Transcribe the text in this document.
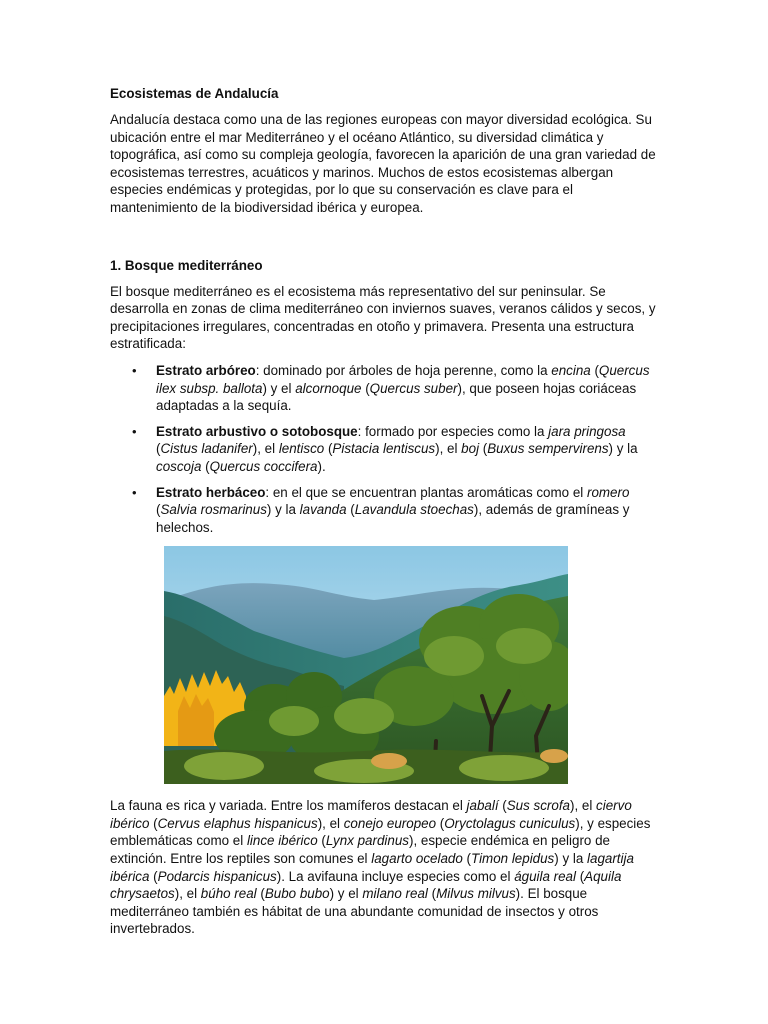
Ecosistemas de Andalucía

Andalucía destaca como una de las regiones europeas con mayor diversidad ecológica. Su ubicación entre el mar Mediterráneo y el océano Atlántico, su diversidad climática y topográfica, así como su compleja geología, favorecen la aparición de una gran variedad de ecosistemas terrestres, acuáticos y marinos. Muchos de estos ecosistemas albergan especies endémicas y protegidas, por lo que su conservación es clave para el mantenimiento de la biodiversidad ibérica y europea.

1. Bosque mediterráneo

El bosque mediterráneo es el ecosistema más representativo del sur peninsular. Se desarrolla en zonas de clima mediterráneo con inviernos suaves, veranos cálidos y secos, y precipitaciones irregulares, concentradas en otoño y primavera. Presenta una estructura estratificada:

• Estrato arbóreo: dominado por árboles de hoja perenne, como la encina (Quercus ilex subsp. ballota) y el alcornoque (Quercus suber), que poseen hojas coriáceas adaptadas a la sequía.
• Estrato arbustivo o sotobosque: formado por especies como la jara pringosa (Cistus ladanifer), el lentisco (Pistacia lentiscus), el boj (Buxus sempervirens) y la coscoja (Quercus coccifera).
• Estrato herbáceo: en el que se encuentran plantas aromáticas como el romero (Salvia rosmarinus) y la lavanda (Lavandula stoechas), además de gramíneas y helechos.

La fauna es rica y variada. Entre los mamíferos destacan el jabalí (Sus scrofa), el ciervo ibérico (Cervus elaphus hispanicus), el conejo europeo (Oryctolagus cuniculus), y especies emblemáticas como el lince ibérico (Lynx pardinus), especie endémica en peligro de extinción. Entre los reptiles son comunes el lagarto ocelado (Timon lepidus) y la lagartija ibérica (Podarcis hispanicus). La avifauna incluye especies como el águila real (Aquila chrysaetos), el búho real (Bubo bubo) y el milano real (Milvus milvus). El bosque mediterráneo también es hábitat de una abundante comunidad de insectos y otros invertebrados.
